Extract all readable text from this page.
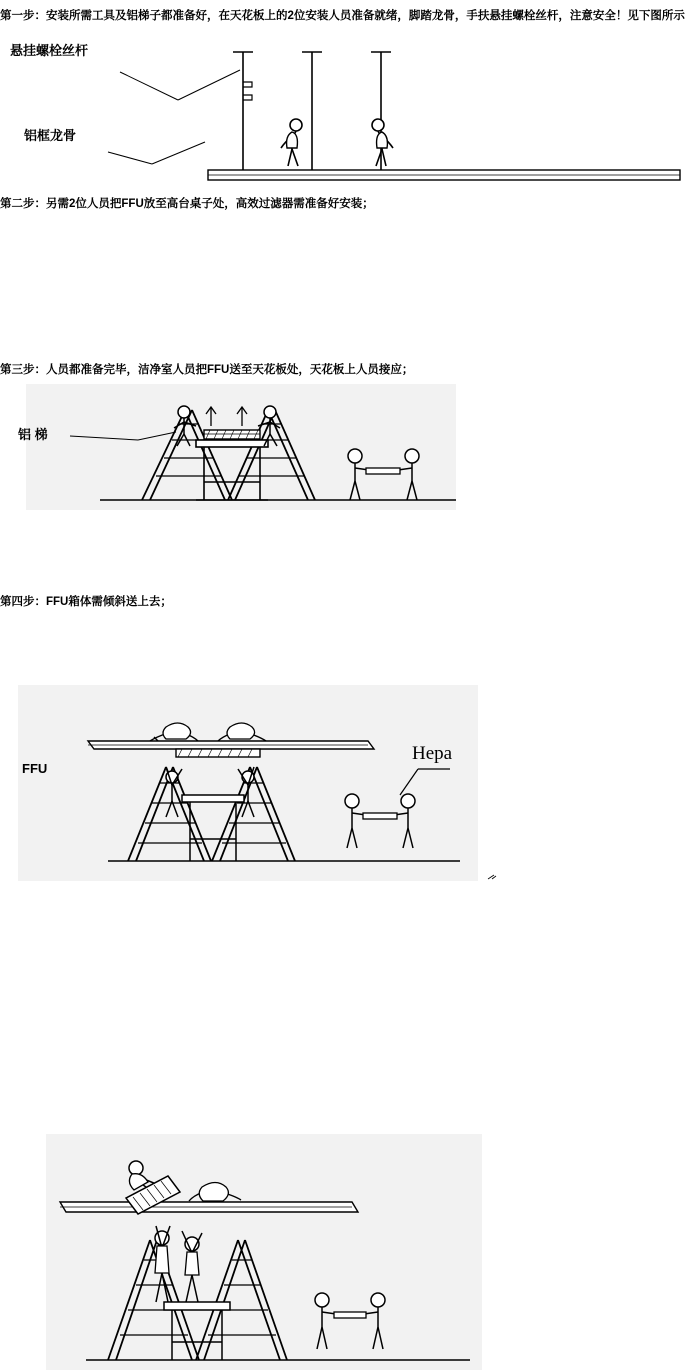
第一步：安装所需工具及铝梯子都准备好，在天花板上的2位安装人员准备就绪，脚踏龙骨，手扶悬挂螺栓丝杆，注意安全！见下图所示
悬挂螺栓丝杆
铝框龙骨
第二步：另需2位人员把FFU放至高台桌子处，高效过滤器需准备好安装；
铝 梯
第三步：人员都准备完毕，洁净室人员把FFU送至天花板处，天花板上人员接应；
FFU
Hepa
第四步：FFU箱体需倾斜送上去；
